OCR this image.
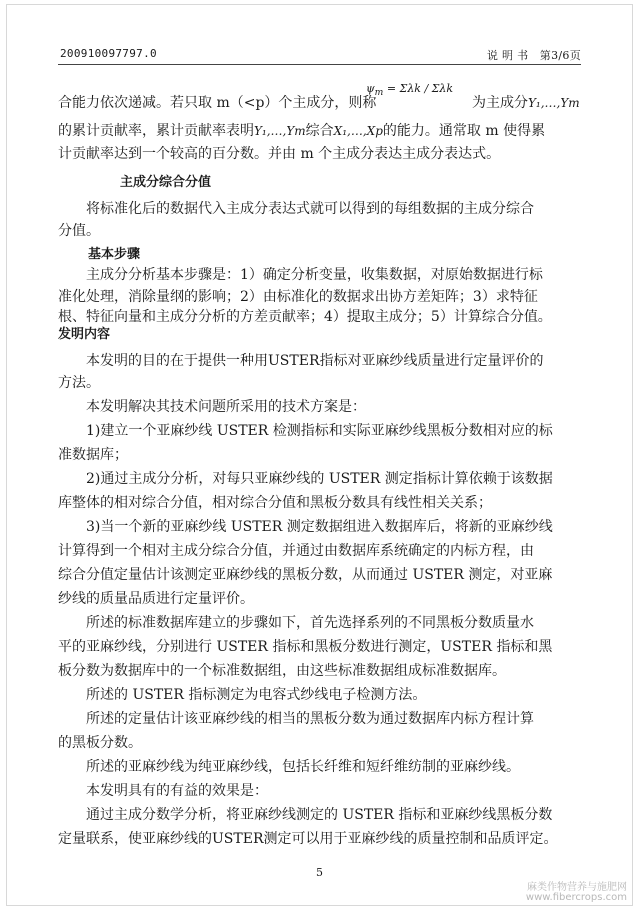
200910097797.0	说 明 书 第3/6页
合能力依次递减。若只取 m（<p）个主成分，则称
$\psi_m = \Sigma\lambda k / \Sigma\lambda k$
为主成分Y₁,…,Ym
的累计贡献率，累计贡献率表明Y₁,…,Ym综合X₁,…,Xp的能力。通常取 m 使得累
计贡献率达到一个较高的百分数。并由 m 个主成分表达主成分表达式。
主成分综合分值
将标准化后的数据代入主成分表达式就可以得到的每组数据的主成分综合
分值。
基本步骤
主成分分析基本步骤是：1）确定分析变量，收集数据，对原始数据进行标
准化处理，消除量纲的影响；2）由标准化的数据求出协方差矩阵；3）求特征
根、特征向量和主成分分析的方差贡献率；4）提取主成分；5）计算综合分值。
发明内容
本发明的目的在于提供一种用USTER指标对亚麻纱线质量进行定量评价的
方法。
本发明解决其技术问题所采用的技术方案是：
1)建立一个亚麻纱线 USTER 检测指标和实际亚麻纱线黑板分数相对应的标
准数据库；
2)通过主成分分析，对每只亚麻纱线的 USTER 测定指标计算依赖于该数据
库整体的相对综合分值，相对综合分值和黑板分数具有线性相关关系；
3)当一个新的亚麻纱线 USTER 测定数据组进入数据库后，将新的亚麻纱线
计算得到一个相对主成分综合分值，并通过由数据库系统确定的内标方程，由
综合分值定量估计该测定亚麻纱线的黑板分数，从而通过 USTER 测定，对亚麻
纱线的质量品质进行定量评价。
所述的标准数据库建立的步骤如下，首先选择系列的不同黑板分数质量水
平的亚麻纱线，分别进行 USTER 指标和黑板分数进行测定，USTER 指标和黑
板分数为数据库中的一个标准数据组，由这些标准数据组成标准数据库。
所述的 USTER 指标测定为电容式纱线电子检测方法。
所述的定量估计该亚麻纱线的相当的黑板分数为通过数据库内标方程计算
的黑板分数。
所述的亚麻纱线为纯亚麻纱线，包括长纤维和短纤维纺制的亚麻纱线。
本发明具有的有益的效果是：
通过主成分数学分析，将亚麻纱线测定的 USTER 指标和亚麻纱线黑板分数
定量联系，使亚麻纱线的USTER测定可以用于亚麻纱线的质量控制和品质评定。
5
麻类作物营养与施肥网
www.fibercrops.com
